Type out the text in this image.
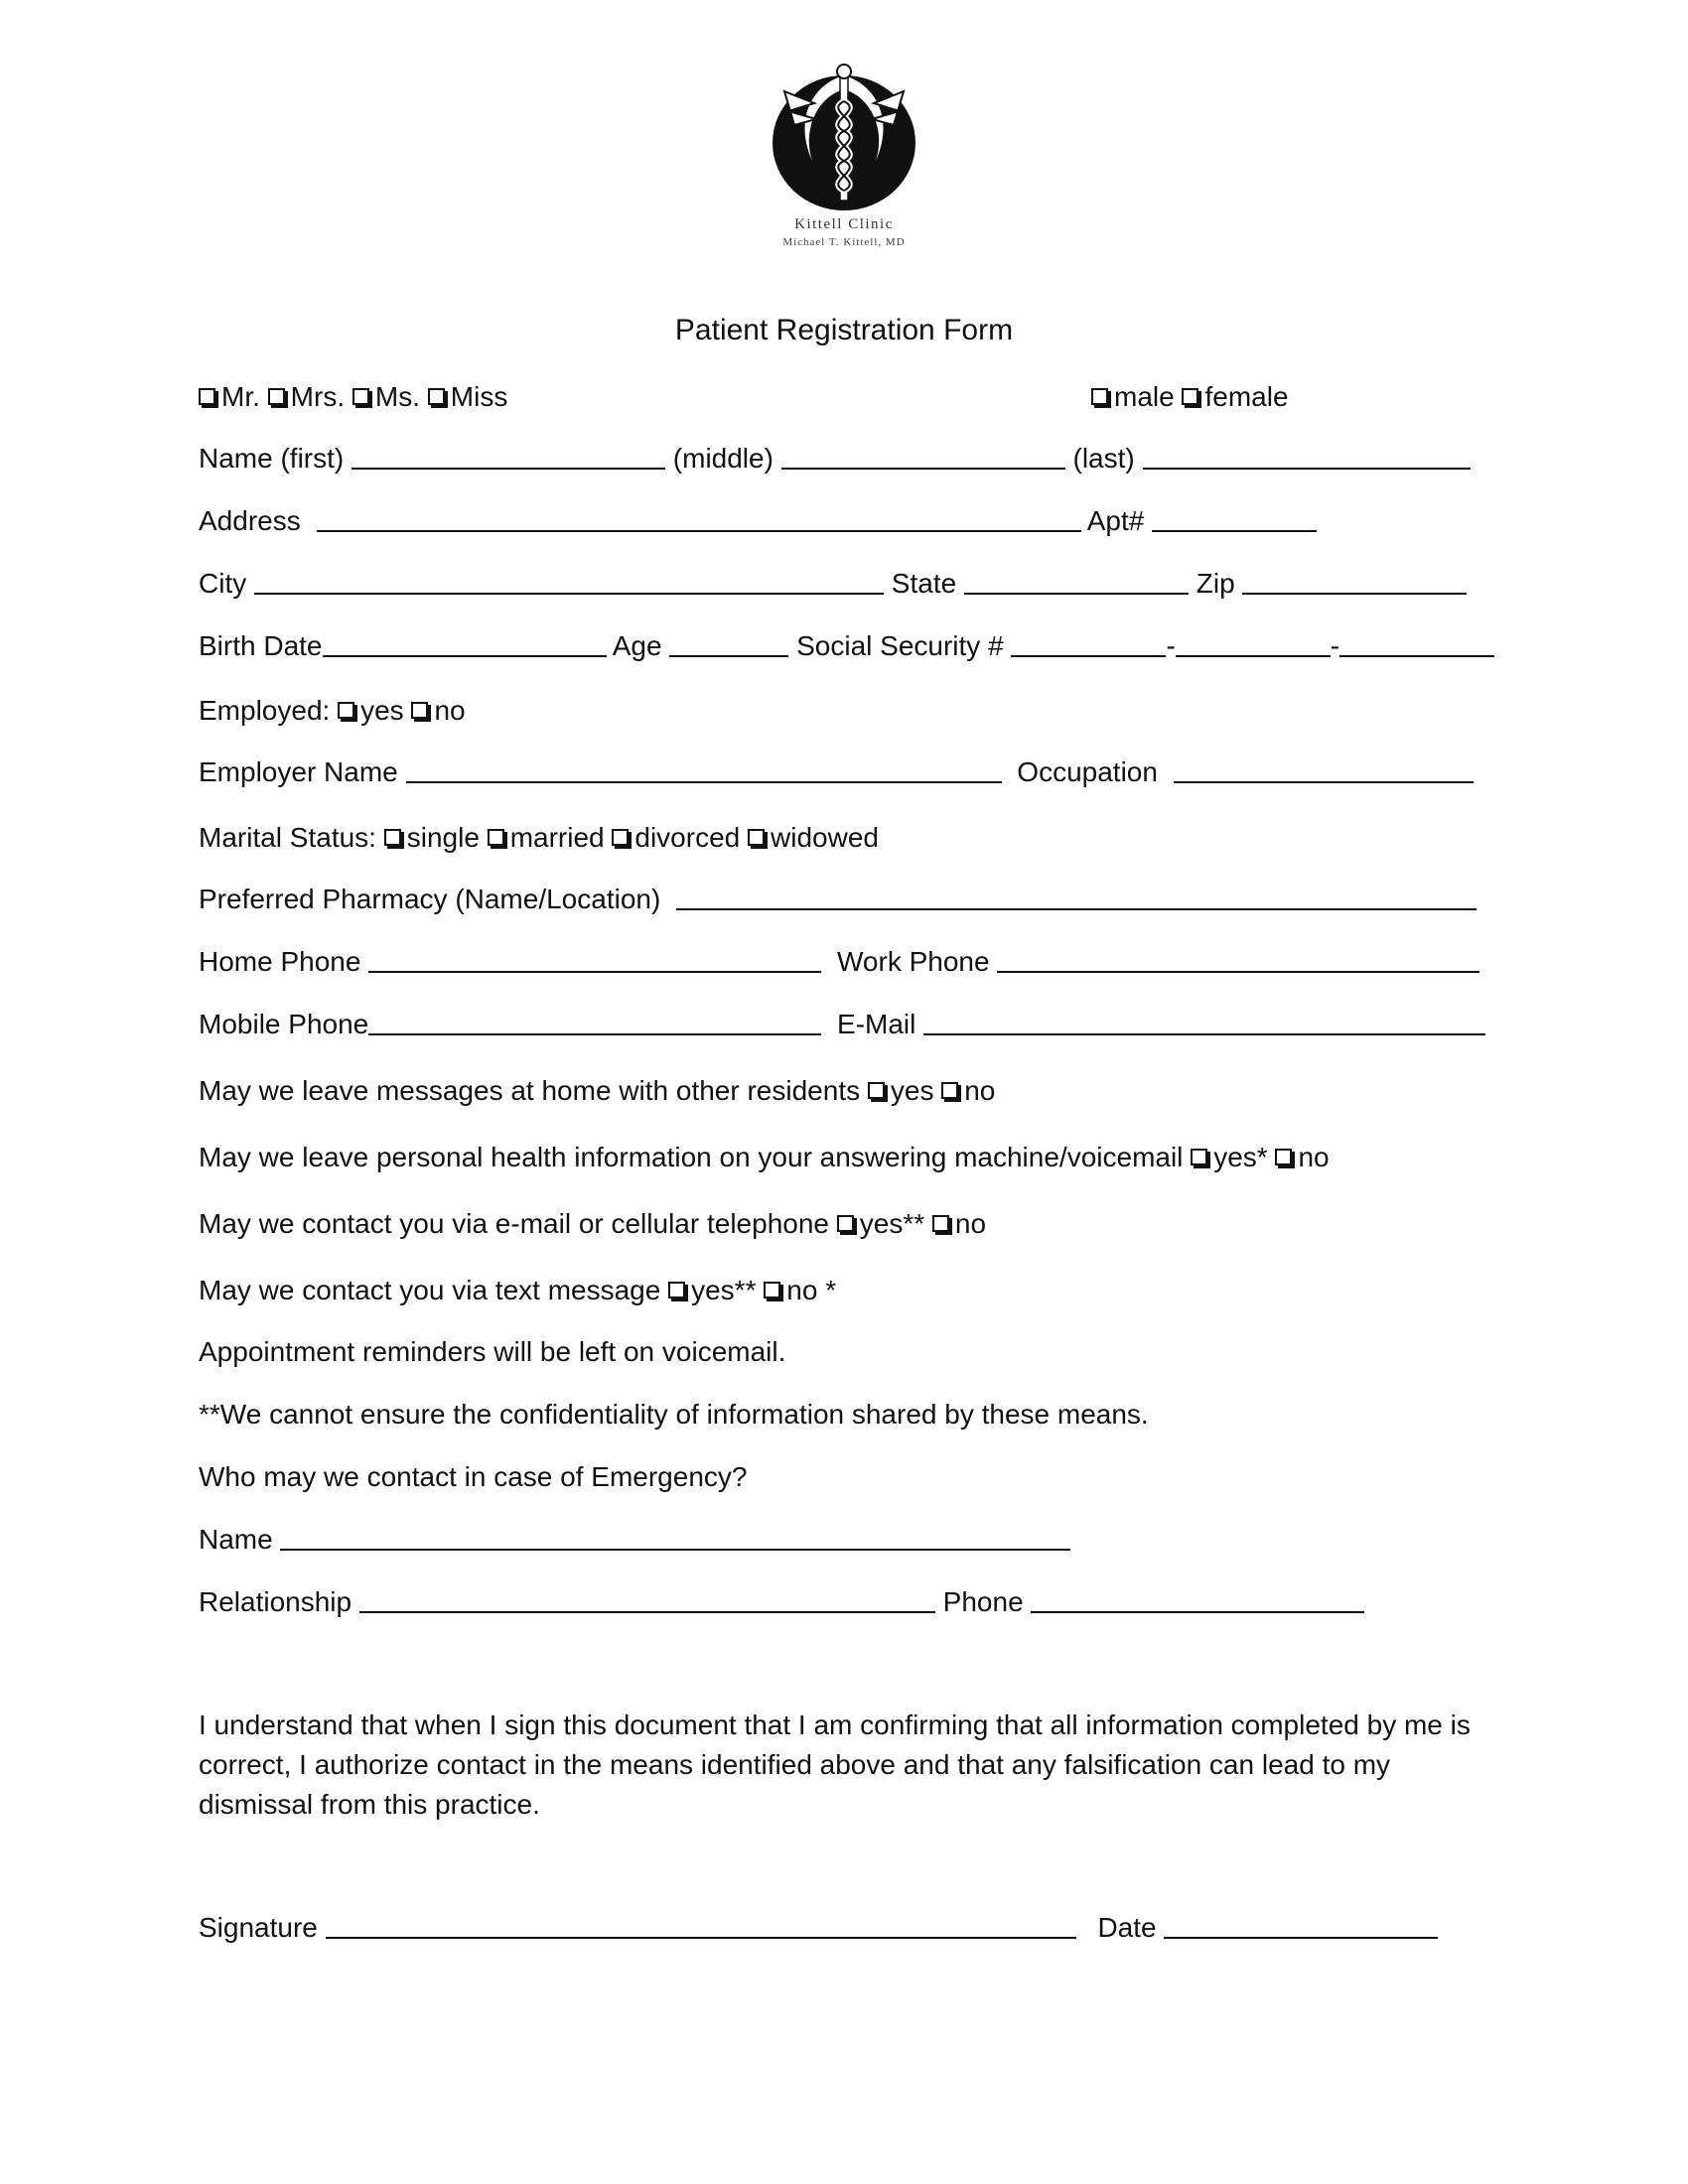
Kittell Clinic
Michael T. Kittell, MD
Patient Registration Form
Mr. Mrs. Ms. Miss	male female
Name (first)	(middle)	(last)
Address	Apt#
City	State	Zip
Birth Date	Age	Social Security #	-	-
Employed: yes no
Employer Name	Occupation
Marital Status: single married divorced widowed
Preferred Pharmacy (Name/Location)
Home Phone	Work Phone
Mobile Phone	E-Mail
May we leave messages at home with other residents yes no
May we leave personal health information on your answering machine/voicemail yes* no
May we contact you via e-mail or cellular telephone yes** no
May we contact you via text message yes** no *
Appointment reminders will be left on voicemail.
**We cannot ensure the confidentiality of information shared by these means.
Who may we contact in case of Emergency?
Name
Relationship	Phone
I understand that when I sign this document that I am confirming that all information completed by me is correct, I authorize contact in the means identified above and that any falsification can lead to my dismissal from this practice.
Signature	Date
